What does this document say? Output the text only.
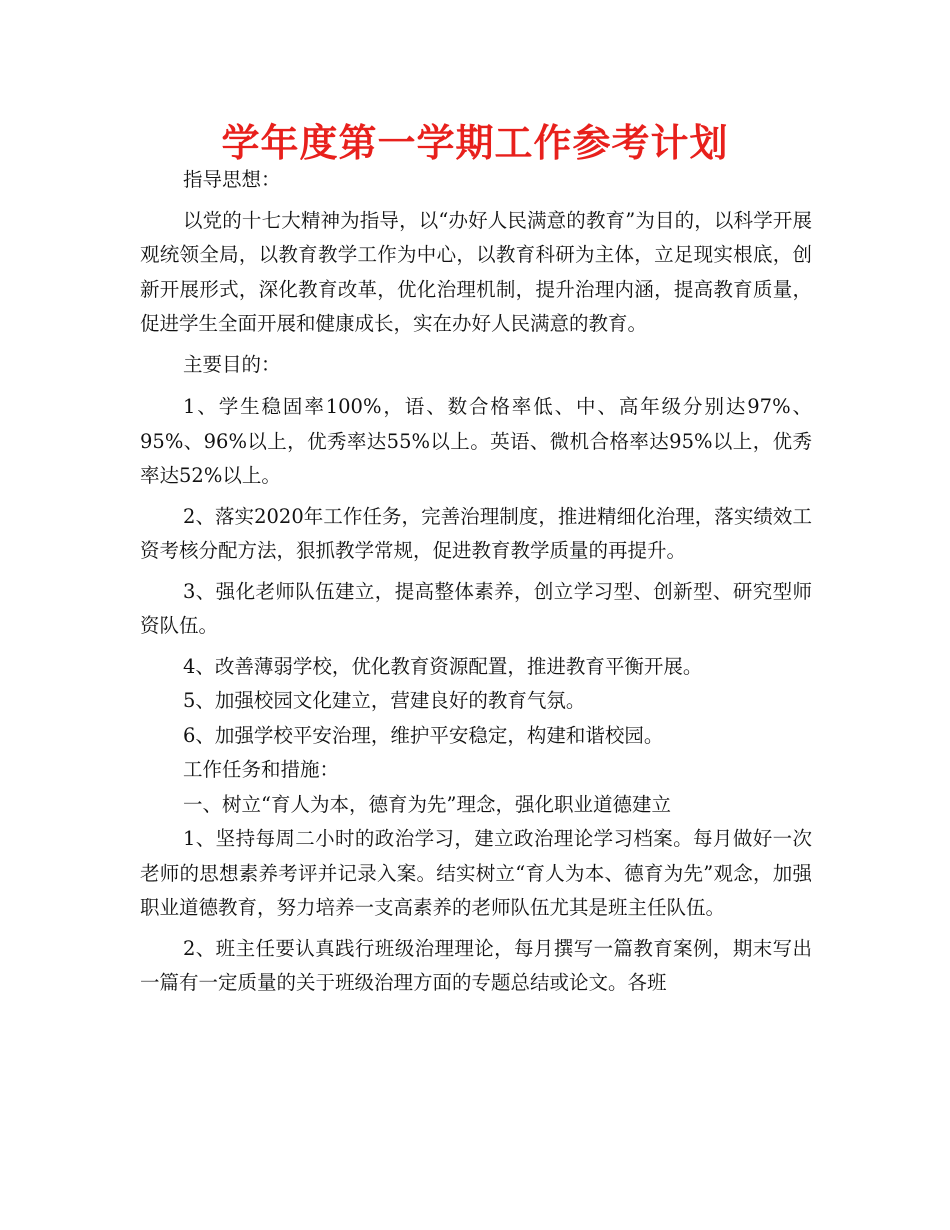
学年度第一学期工作参考计划

指导思想：

以党的十七大精神为指导，以“办好人民满意的教育”为目的，以科学开展观统领全局，以教育教学工作为中心，以教育科研为主体，立足现实根底，创新开展形式，深化教育改革，优化治理机制，提升治理内涵，提高教育质量，促进学生全面开展和健康成长，实在办好人民满意的教育。

主要目的：

1、学生稳固率100%，语、数合格率低、中、高年级分别达97%、95%、96%以上，优秀率达55%以上。英语、微机合格率达95%以上，优秀率达52%以上。

2、落实2020年工作任务，完善治理制度，推进精细化治理，落实绩效工资考核分配方法，狠抓教学常规，促进教育教学质量的再提升。

3、强化老师队伍建立，提高整体素养，创立学习型、创新型、研究型师资队伍。

4、改善薄弱学校，优化教育资源配置，推进教育平衡开展。

5、加强校园文化建立，营建良好的教育气氛。

6、加强学校平安治理，维护平安稳定，构建和谐校园。

工作任务和措施：

一、树立“育人为本，德育为先”理念，强化职业道德建立

1、坚持每周二小时的政治学习，建立政治理论学习档案。每月做好一次老师的思想素养考评并记录入案。结实树立“育人为本、德育为先”观念，加强职业道德教育，努力培养一支高素养的老师队伍尤其是班主任队伍。

2、班主任要认真践行班级治理理论，每月撰写一篇教育案例，期末写出一篇有一定质量的关于班级治理方面的专题总结或论文。各班
